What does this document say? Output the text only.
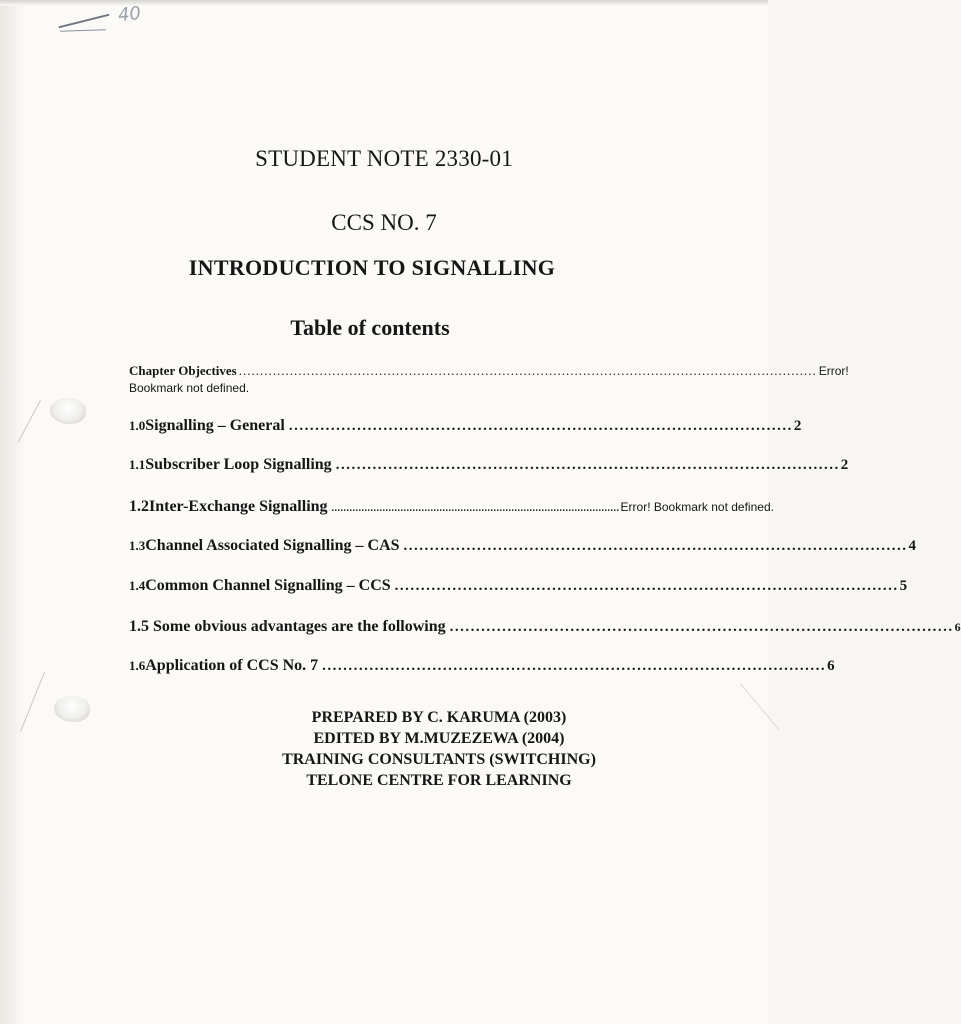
40
STUDENT NOTE 2330-01
CCS NO. 7
INTRODUCTION TO SIGNALLING
Table of contents
Chapter Objectives ........................................................................................................................................ Error!
Bookmark not defined.
1.0 Signalling – General ................................................................................................ 2
1.1 Subscriber Loop Signalling ................................................................................................ 2
1.2 Inter-Exchange Signalling ................................................................................................ Error! Bookmark not defined.
1.3 Channel Associated Signalling – CAS ................................................................................................ 4
1.4 Common Channel Signalling – CCS ................................................................................................ 5
1.5 Some obvious advantages are the following ................................................................................................ 6
1.6 Application of CCS No. 7 ................................................................................................ 6
PREPARED BY C. KARUMA (2003)
EDITED BY M.MUZEZEWA (2004)
TRAINING CONSULTANTS (SWITCHING)
TELONE CENTRE FOR LEARNING
